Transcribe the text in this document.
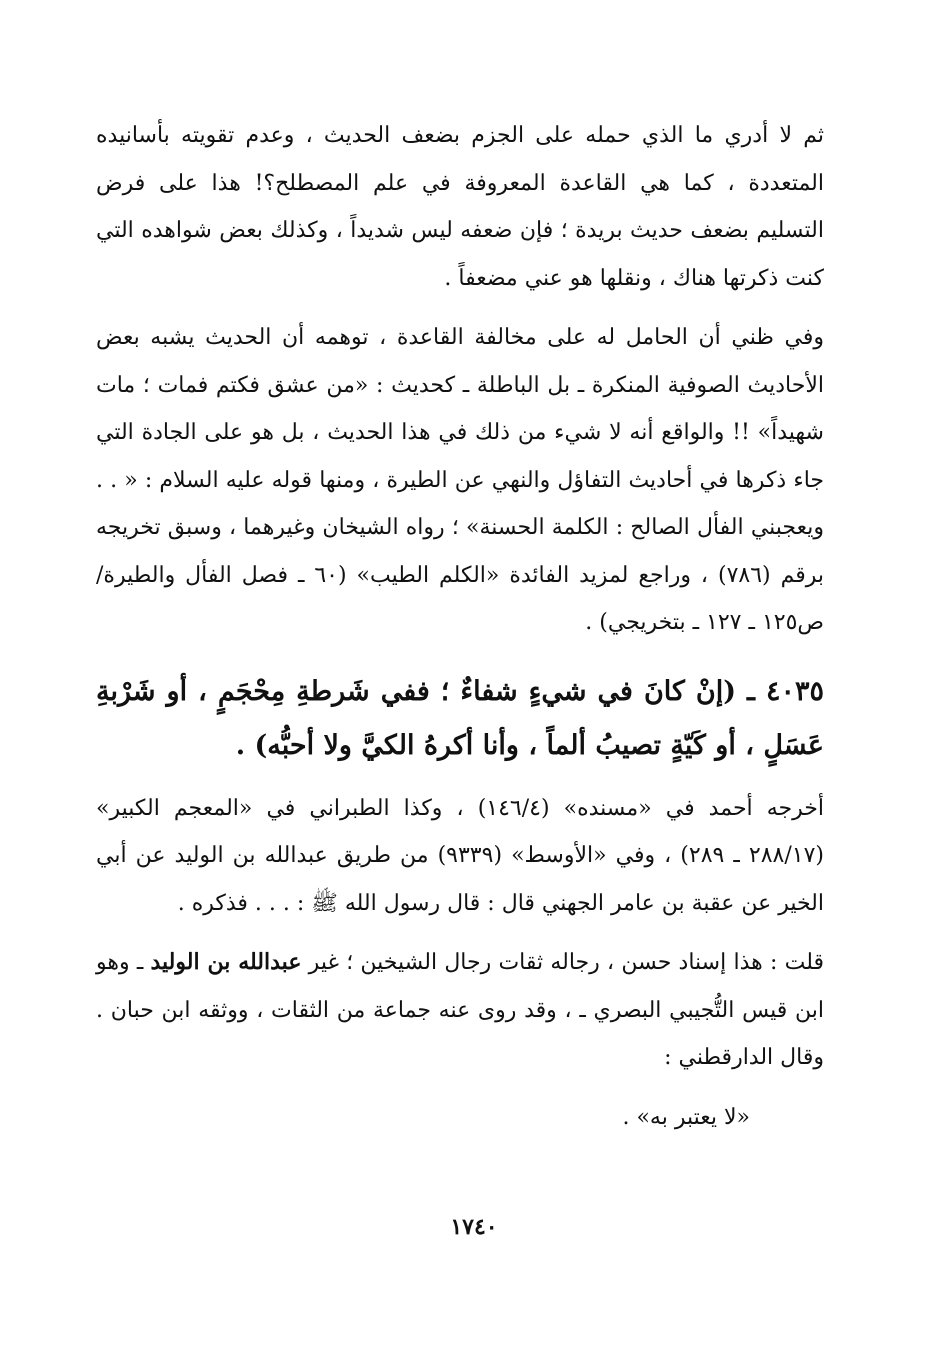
ثم لا أدري ما الذي حمله على الجزم بضعف الحديث ، وعدم تقويته بأسانيده المتعددة ، كما هي القاعدة المعروفة في علم المصطلح؟! هذا على فرض التسليم بضعف حديث بريدة ؛ فإن ضعفه ليس شديداً ، وكذلك بعض شواهده التي كنت ذكرتها هناك ، ونقلها هو عني مضعفاً .

وفي ظني أن الحامل له على مخالفة القاعدة ، توهمه أن الحديث يشبه بعض الأحاديث الصوفية المنكرة ـ بل الباطلة ـ كحديث : «من عشق فكتم فمات ؛ مات شهيداً» !! والواقع أنه لا شيء من ذلك في هذا الحديث ، بل هو على الجادة التي جاء ذكرها في أحاديث التفاؤل والنهي عن الطيرة ، ومنها قوله عليه السلام : « . . ويعجبني الفأل الصالح : الكلمة الحسنة» ؛ رواه الشيخان وغيرهما ، وسبق تخريجه برقم (٧٨٦) ، وراجع لمزيد الفائدة «الكلم الطيب» (٦٠ ـ فصل الفأل والطيرة/ ص١٢٥ ـ ١٢٧ ـ بتخريجي) .

٤٠٣٥ ـ (إنْ كانَ في شيءٍ شفاءٌ ؛ ففي شَرطةِ مِحْجَمٍ ، أو شَرْبةِ عَسَلٍ ، أو كَيّةٍ تصيبُ ألماً ، وأنا أكرهُ الكيَّ ولا أحبُّه) .

أخرجه أحمد في «مسنده» (١٤٦/٤) ، وكذا الطبراني في «المعجم الكبير» (٢٨٨/١٧ ـ ٢٨٩) ، وفي «الأوسط» (٩٣٣٩) من طريق عبدالله بن الوليد عن أبي الخير عن عقبة بن عامر الجهني قال : قال رسول الله ﷺ : . . . فذكره .

قلت : هذا إسناد حسن ، رجاله ثقات رجال الشيخين ؛ غير عبدالله بن الوليد ـ وهو ابن قيس التُّجيبي البصري ـ ، وقد روى عنه جماعة من الثقات ، ووثقه ابن حبان . وقال الدارقطني :

«لا يعتبر به» .

١٧٤٠
